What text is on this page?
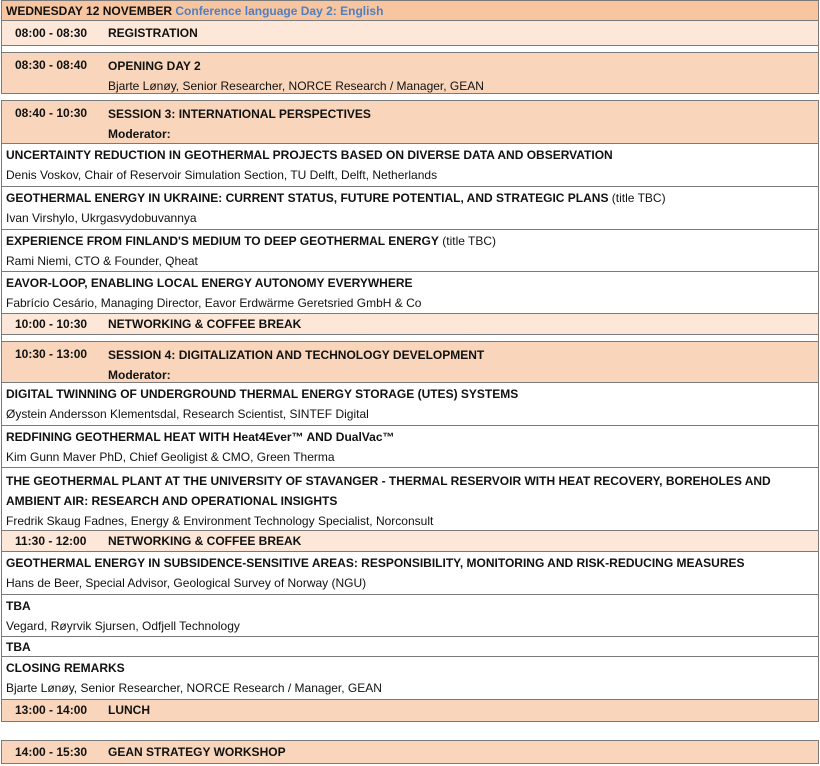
WEDNESDAY 12 NOVEMBER Conference language Day 2: English
08:00 - 08:30 REGISTRATION
08:30 - 08:40	OPENING DAY 2
Bjarte Lønøy, Senior Researcher, NORCE Research / Manager, GEAN
08:40 - 10:30	SESSION 3: INTERNATIONAL PERSPECTIVES
Moderator:
UNCERTAINTY REDUCTION IN GEOTHERMAL PROJECTS BASED ON DIVERSE DATA AND OBSERVATION
Denis Voskov, Chair of Reservoir Simulation Section, TU Delft, Delft, Netherlands
GEOTHERMAL ENERGY IN UKRAINE: CURRENT STATUS, FUTURE POTENTIAL, AND STRATEGIC PLANS (title TBC)
Ivan Virshylo, Ukrgasvydobuvannya
EXPERIENCE FROM FINLAND'S MEDIUM TO DEEP GEOTHERMAL ENERGY (title TBC)
Rami Niemi, CTO & Founder, Qheat
EAVOR-LOOP, ENABLING LOCAL ENERGY AUTONOMY EVERYWHERE
Fabrício Cesário, Managing Director, Eavor Erdwärme Geretsried GmbH & Co
10:00 - 10:30 NETWORKING & COFFEE BREAK
10:30 - 13:00	SESSION 4: DIGITALIZATION AND TECHNOLOGY DEVELOPMENT
Moderator:
DIGITAL TWINNING OF UNDERGROUND THERMAL ENERGY STORAGE (UTES) SYSTEMS
Øystein Andersson Klementsdal, Research Scientist, SINTEF Digital
REDFINING GEOTHERMAL HEAT WITH Heat4Ever™ AND DualVac™
Kim Gunn Maver PhD, Chief Geoligist & CMO, Green Therma
THE GEOTHERMAL PLANT AT THE UNIVERSITY OF STAVANGER - THERMAL RESERVOIR WITH HEAT RECOVERY, BOREHOLES AND
AMBIENT AIR: RESEARCH AND OPERATIONAL INSIGHTS
Fredrik Skaug Fadnes, Energy & Environment Technology Specialist, Norconsult
11:30 - 12:00 NETWORKING & COFFEE BREAK
GEOTHERMAL ENERGY IN SUBSIDENCE-SENSITIVE AREAS: RESPONSIBILITY, MONITORING AND RISK-REDUCING MEASURES
Hans de Beer, Special Advisor, Geological Survey of Norway (NGU)
TBA
Vegard, Røyrvik Sjursen, Odfjell Technology
TBA
CLOSING REMARKS
Bjarte Lønøy, Senior Researcher, NORCE Research / Manager, GEAN
13:00 - 14:00 LUNCH
14:00 - 15:30 GEAN STRATEGY WORKSHOP
